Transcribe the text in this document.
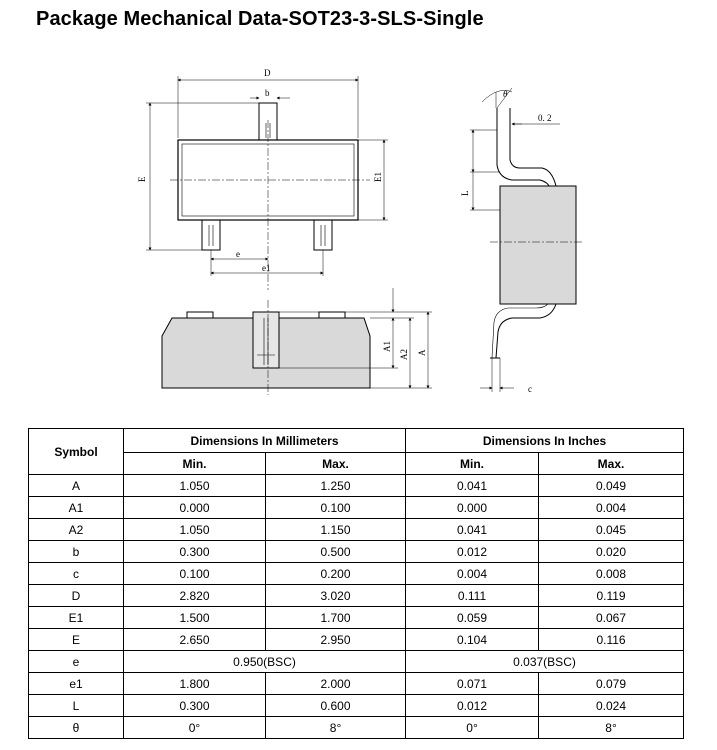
Package Mechanical Data-SOT23-3-SLS-Single
D
b
E	E1
e
e1
A1
A2 A
θ
0. 2
L
c
Symbol	Dimensions In Millimeters		Dimensions In Inches	
	Min.	Max.	Min.	Max.
A	1.050	1.250	0.041	0.049
A1	0.000	0.100	0.000	0.004
A2	1.050	1.150	0.041	0.045
b	0.300	0.500	0.012	0.020
c	0.100	0.200	0.004	0.008
D	2.820	3.020	0.111	0.119
E1	1.500	1.700	0.059	0.067
E	2.650	2.950	0.104	0.116
e	0.950(BSC)		0.037(BSC)	
e1	1.800	2.000	0.071	0.079
L	0.300	0.600	0.012	0.024
θ	0°	8°	0°	8°
